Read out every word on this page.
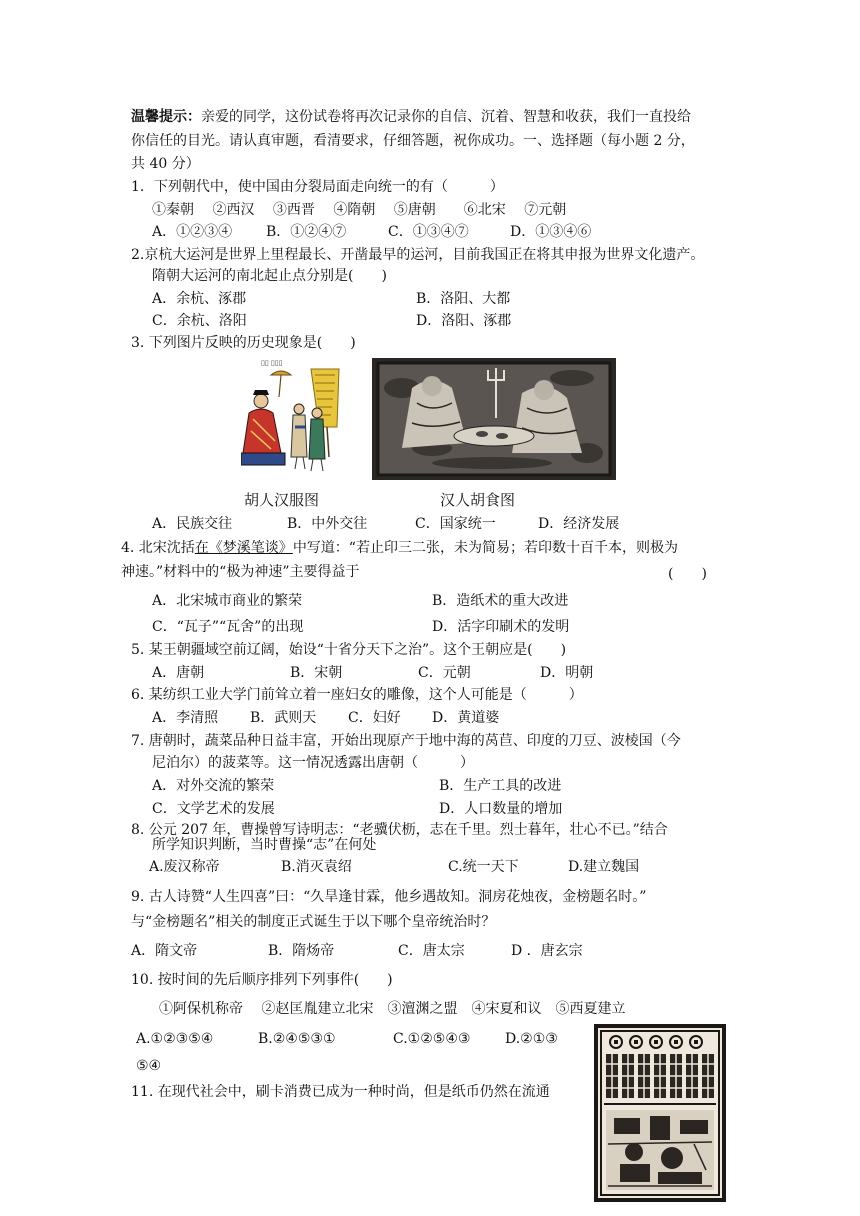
温馨提示：亲爱的同学，这份试卷将再次记录你的自信、沉着、智慧和收获，我们一直投给
你信任的目光。请认真审题，看清要求，仔细答题，祝你成功。一、选择题（每小题 2 分，
共 40 分）
1．下列朝代中，使中国由分裂局面走向统一的有（　　　）
①秦朝　 ②西汉　 ③西晋　 ④隋朝　 ⑤唐朝　　⑥北宋　 ⑦元朝
A．①②③④ B．①②④⑦	C．①③④⑦	D．①③④⑥
2.京杭大运河是世界上里程最长、开凿最早的运河，目前我国正在将其申报为世界文化遗产。
隋朝大运河的南北起止点分别是(　　)
A．余杭、涿郡	B．洛阳、大都
C．余杭、洛阳	D．洛阳、涿郡
3. 下列图片反映的历史现象是(　　)
▯▯ ▯▯▯
胡人汉服图	汉人胡食图
A．民族交往	B．中外交往	C．国家统一	D．经济发展
4. 北宋沈括在《梦溪笔谈》中写道：“若止印三二张，未为简易；若印数十百千本，则极为
神速。”材料中的“极为神速”主要得益于	(　　)
A．北宋城市商业的繁荣	B．造纸术的重大改进
C．“瓦子”“瓦舍”的出现	D．活字印刷术的发明
5. 某王朝疆域空前辽阔，始设“十省分天下之治”。这个王朝应是(　　)
A．唐朝	B．宋朝	C．元朝	D．明朝
6. 某纺织工业大学门前耸立着一座妇女的雕像，这个人可能是（　　　）
A．李清照 B．武则天 C．妇好 D．黄道婆
7. 唐朝时，蔬菜品种日益丰富，开始出现原产于地中海的莴苣、印度的刀豆、波棱国（今
尼泊尔）的菠菜等。这一情况透露出唐朝（　　　）
A．对外交流的繁荣	B．生产工具的改进
C．文学艺术的发展	D．人口数量的增加
8. 公元 207 年，曹操曾写诗明志：“老骥伏枥，志在千里。烈士暮年，壮心不已。”结合
所学知识判断，当时曹操“志”在何处
A.废汉称帝	B.消灭袁绍	C.统一天下	D.建立魏国
9. 古人诗赞“人生四喜”曰：“久旱逢甘霖，他乡遇故知。洞房花烛夜，金榜题名时。”
与“金榜题名”相关的制度正式诞生于以下哪个皇帝统治时？
A．隋文帝	B．隋炀帝	C．唐太宗	D ．唐玄宗
10. 按时间的先后顺序排列下列事件(　　)
①阿保机称帝　 ②赵匡胤建立北宋　③澶渊之盟　④宋夏和议　⑤西夏建立
A.①②③⑤④	B.②④⑤③①	C.①②⑤④③ D.②①③
⑤④
11. 在现代社会中，刷卡消费已成为一种时尚，但是纸币仍然在流通
